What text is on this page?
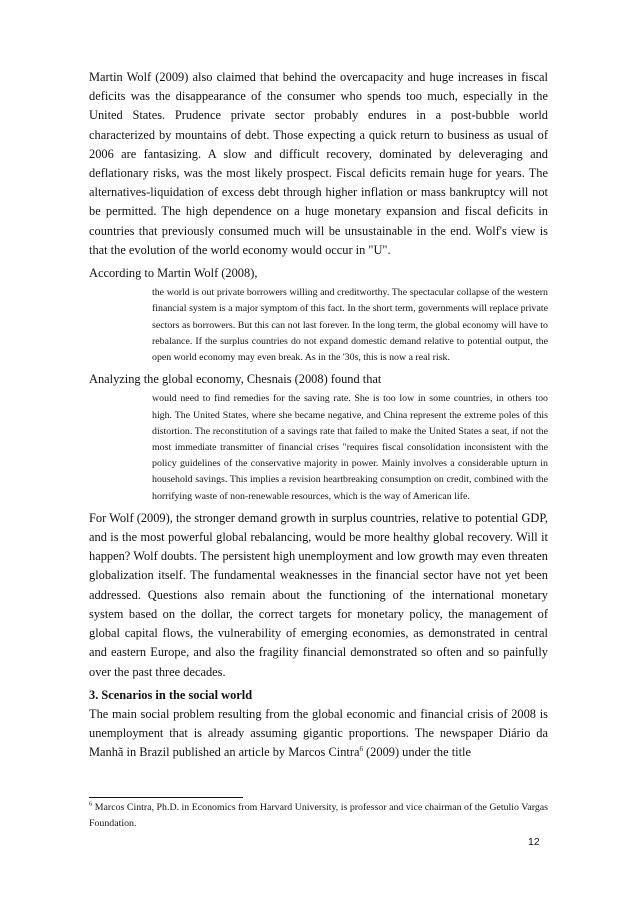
Martin Wolf (2009) also claimed that behind the overcapacity and huge increases in fiscal deficits was the disappearance of the consumer who spends too much, especially in the United States. Prudence private sector probably endures in a post-bubble world characterized by mountains of debt. Those expecting a quick return to business as usual of 2006 are fantasizing. A slow and difficult recovery, dominated by deleveraging and deflationary risks, was the most likely prospect. Fiscal deficits remain huge for years. The alternatives-liquidation of excess debt through higher inflation or mass bankruptcy will not be permitted. The high dependence on a huge monetary expansion and fiscal deficits in countries that previously consumed much will be unsustainable in the end. Wolf's view is that the evolution of the world economy would occur in "U".

According to Martin Wolf (2008),

the world is out private borrowers willing and creditworthy. The spectacular collapse of the western financial system is a major symptom of this fact. In the short term, governments will replace private sectors as borrowers. But this can not last forever. In the long term, the global economy will have to rebalance. If the surplus countries do not expand domestic demand relative to potential output, the open world economy may even break. As in the '30s, this is now a real risk.

Analyzing the global economy, Chesnais (2008) found that

would need to find remedies for the saving rate. She is too low in some countries, in others too high. The United States, where she became negative, and China represent the extreme poles of this distortion. The reconstitution of a savings rate that failed to make the United States a seat, if not the most immediate transmitter of financial crises "requires fiscal consolidation inconsistent with the policy guidelines of the conservative majority in power. Mainly involves a considerable upturn in household savings. This implies a revision heartbreaking consumption on credit, combined with the horrifying waste of non-renewable resources, which is the way of American life.

For Wolf (2009), the stronger demand growth in surplus countries, relative to potential GDP, and is the most powerful global rebalancing, would be more healthy global recovery. Will it happen? Wolf doubts. The persistent high unemployment and low growth may even threaten globalization itself. The fundamental weaknesses in the financial sector have not yet been addressed. Questions also remain about the functioning of the international monetary system based on the dollar, the correct targets for monetary policy, the management of global capital flows, the vulnerability of emerging economies, as demonstrated in central and eastern Europe, and also the fragility financial demonstrated so often and so painfully over the past three decades.

3. Scenarios in the social world

The main social problem resulting from the global economic and financial crisis of 2008 is unemployment that is already assuming gigantic proportions. The newspaper Diário da Manhã in Brazil published an article by Marcos Cintra$^6$ (2009) under the title

$^6$ Marcos Cintra, Ph.D. in Economics from Harvard University, is professor and vice chairman of the Getulio Vargas Foundation.

12
